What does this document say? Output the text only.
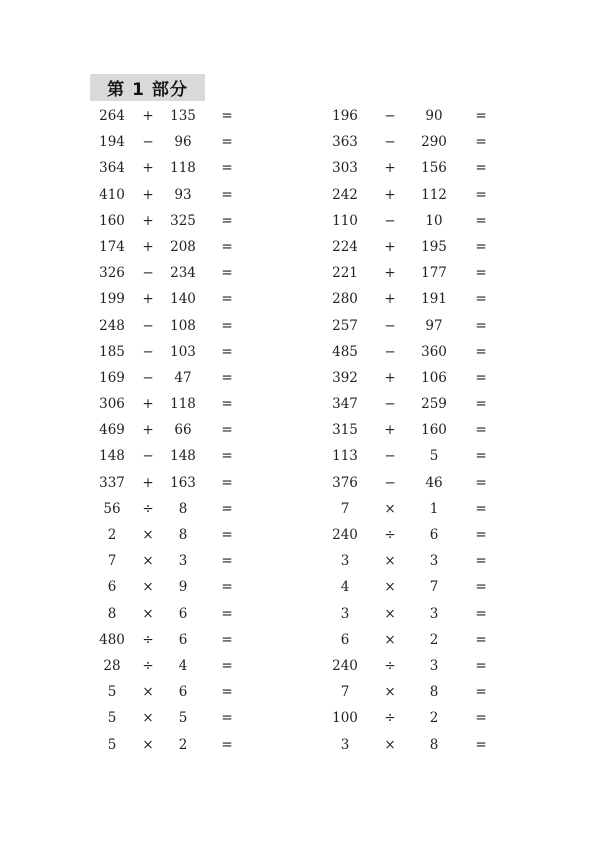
第 1 部分
264	+	135	=	196	−	90	=
194	−	96	=	363	−	290	=
364	+	118	=	303	+	156	=
410	+	93	=	242	+	112	=
160	+	325	=	110	−	10	=
174	+	208	=	224	+	195	=
326	−	234	=	221	+	177	=
199	+	140	=	280	+	191	=
248	−	108	=	257	−	97	=
185	−	103	=	485	−	360	=
169	−	47	=	392	+	106	=
306	+	118	=	347	−	259	=
469	+	66	=	315	+	160	=
148	−	148	=	113	−	5	=
337	+	163	=	376	−	46	=
56	÷	8	=	7	×	1	=
2	×	8	=	240	÷	6	=
7	×	3	=	3	×	3	=
6	×	9	=	4	×	7	=
8	×	6	=	3	×	3	=
480	÷	6	=	6	×	2	=
28	÷	4	=	240	÷	3	=
5	×	6	=	7	×	8	=
5	×	5	=	100	÷	2	=
5	×	2	=	3	×	8	=
